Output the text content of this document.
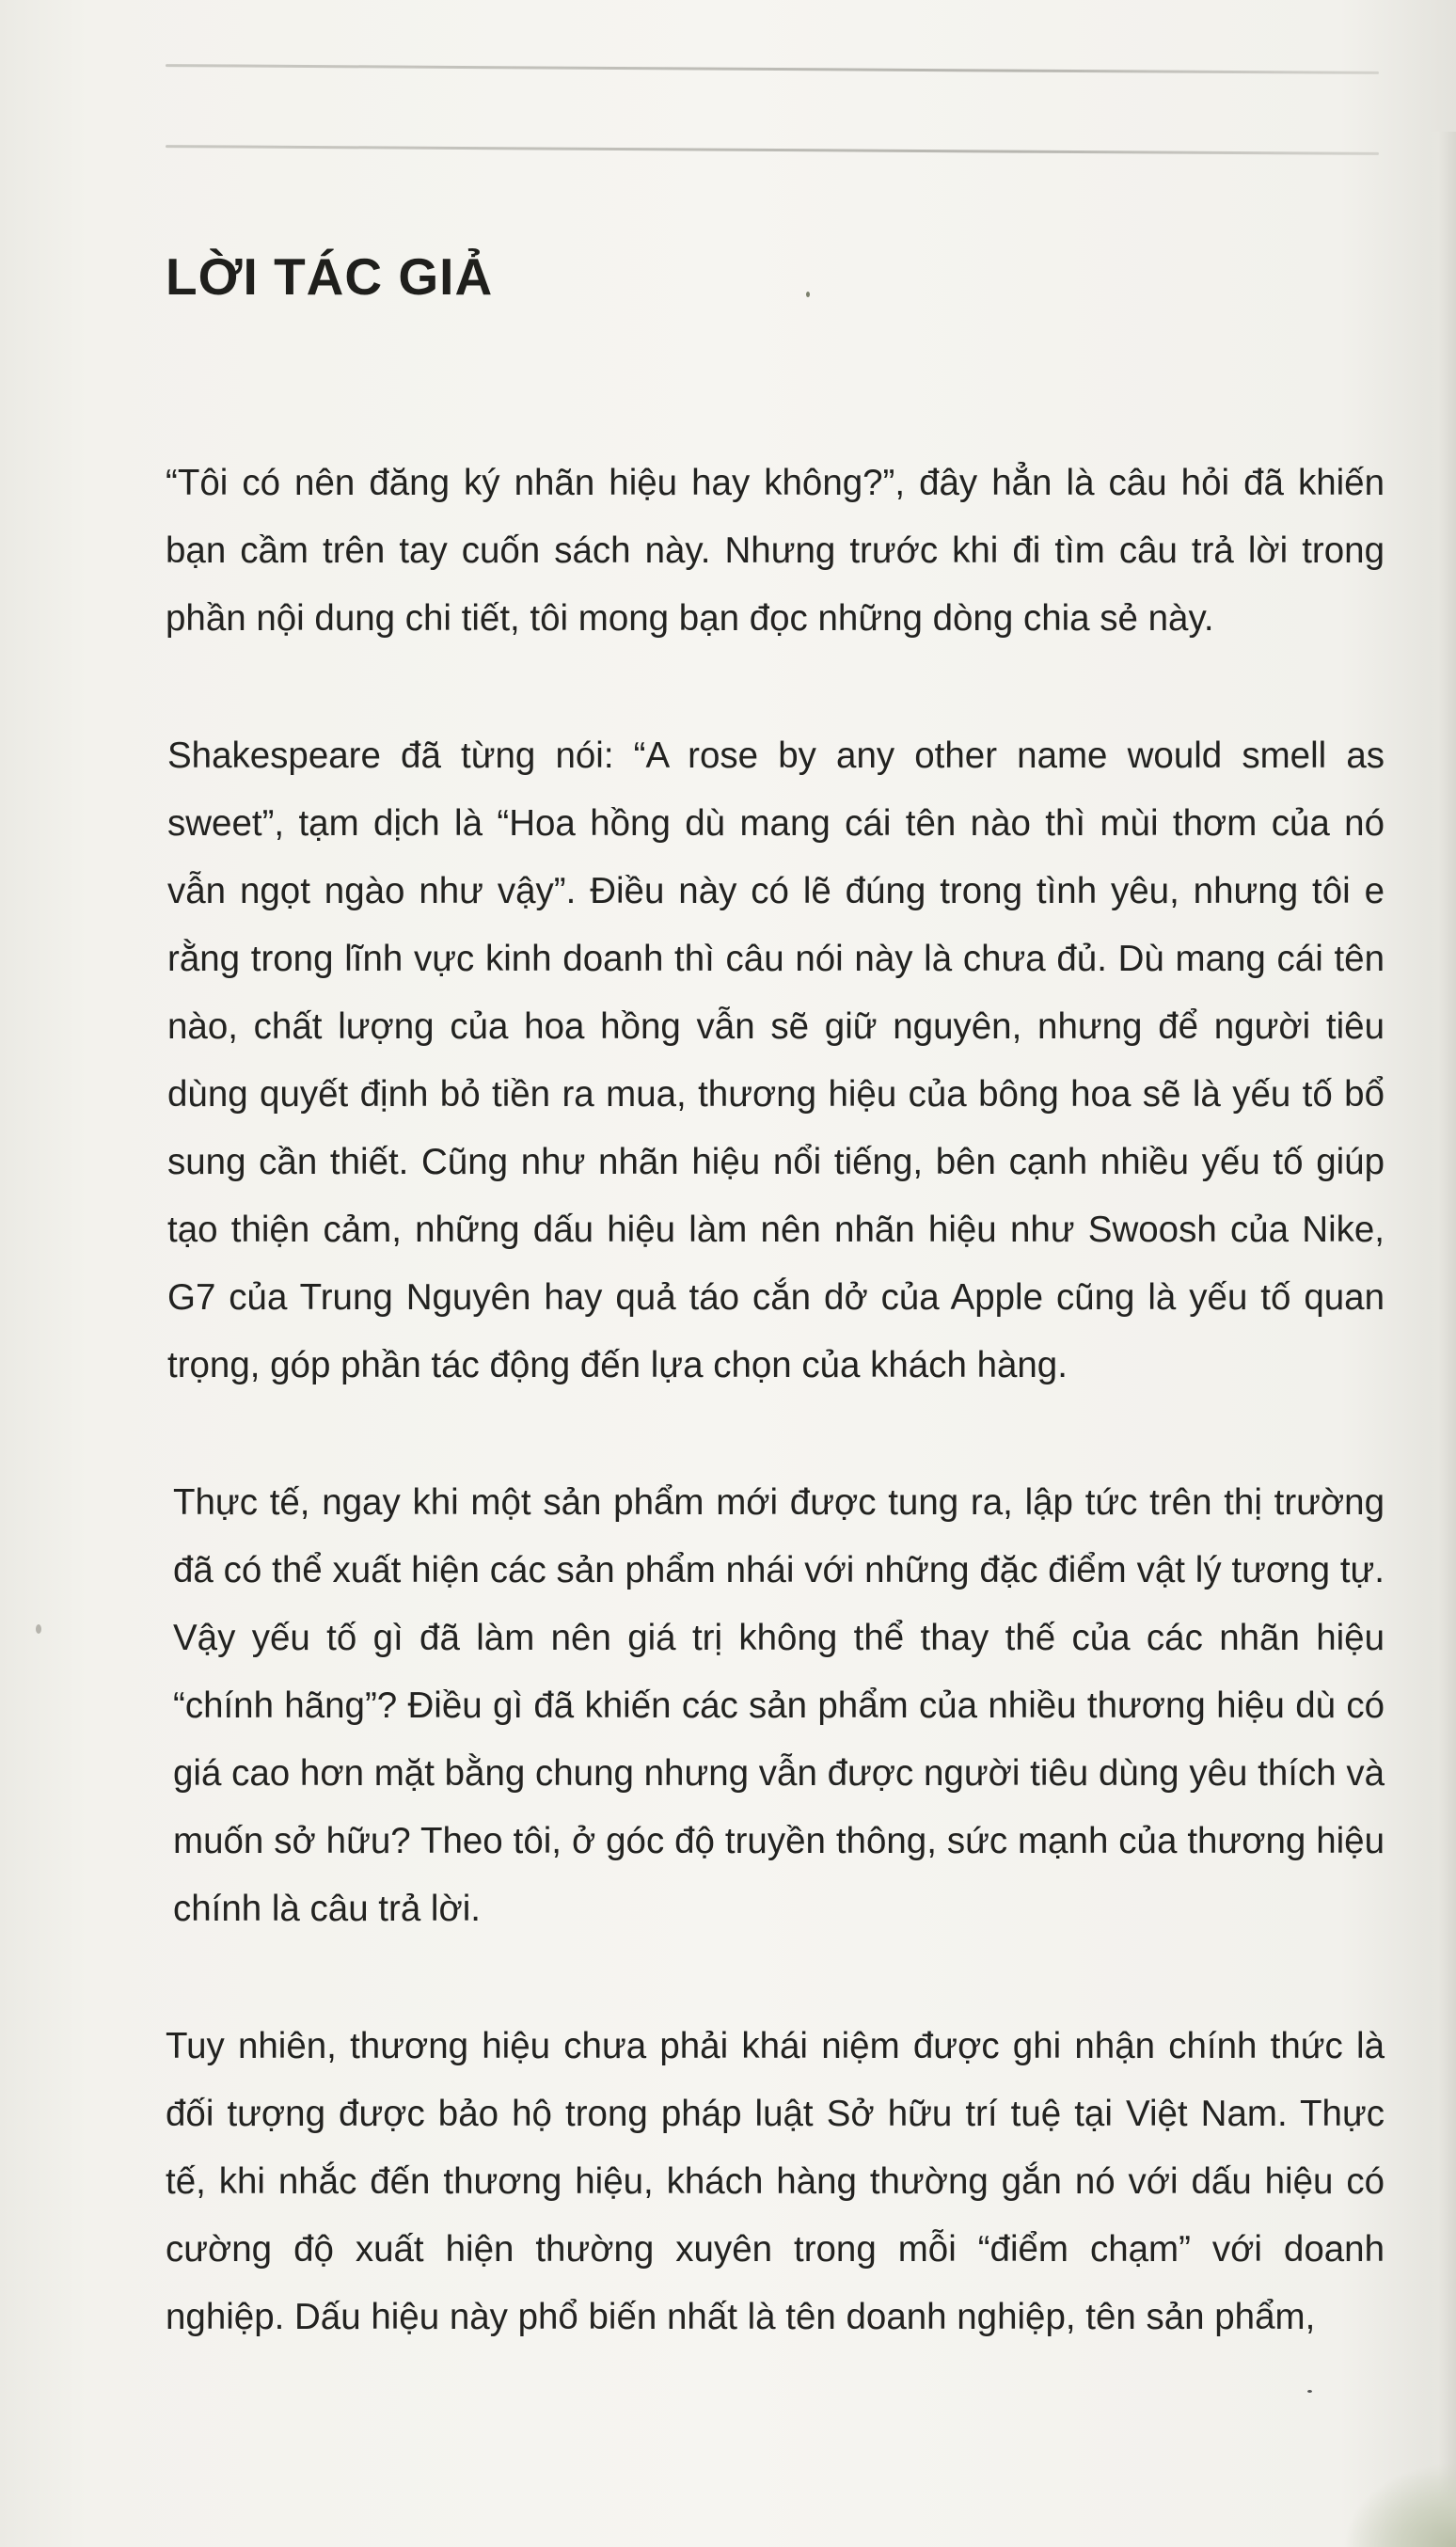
LỜI TÁC GIẢ

“Tôi có nên đăng ký nhãn hiệu hay không?”, đây hẳn là câu hỏi đã khiến bạn cầm trên tay cuốn sách này. Nhưng trước khi đi tìm câu trả lời trong phần nội dung chi tiết, tôi mong bạn đọc những dòng chia sẻ này.

Shakespeare đã từng nói: “A rose by any other name would smell as sweet”, tạm dịch là “Hoa hồng dù mang cái tên nào thì mùi thơm của nó vẫn ngọt ngào như vậy”. Điều này có lẽ đúng trong tình yêu, nhưng tôi e rằng trong lĩnh vực kinh doanh thì câu nói này là chưa đủ. Dù mang cái tên nào, chất lượng của hoa hồng vẫn sẽ giữ nguyên, nhưng để người tiêu dùng quyết định bỏ tiền ra mua, thương hiệu của bông hoa sẽ là yếu tố bổ sung cần thiết. Cũng như nhãn hiệu nổi tiếng, bên cạnh nhiều yếu tố giúp tạo thiện cảm, những dấu hiệu làm nên nhãn hiệu như Swoosh của Nike, G7 của Trung Nguyên hay quả táo cắn dở của Apple cũng là yếu tố quan trọng, góp phần tác động đến lựa chọn của khách hàng.

Thực tế, ngay khi một sản phẩm mới được tung ra, lập tức trên thị trường đã có thể xuất hiện các sản phẩm nhái với những đặc điểm vật lý tương tự. Vậy yếu tố gì đã làm nên giá trị không thể thay thế của các nhãn hiệu “chính hãng”? Điều gì đã khiến các sản phẩm của nhiều thương hiệu dù có giá cao hơn mặt bằng chung nhưng vẫn được người tiêu dùng yêu thích và muốn sở hữu? Theo tôi, ở góc độ truyền thông, sức mạnh của thương hiệu chính là câu trả lời.

Tuy nhiên, thương hiệu chưa phải khái niệm được ghi nhận chính thức là đối tượng được bảo hộ trong pháp luật Sở hữu trí tuệ tại Việt Nam. Thực tế, khi nhắc đến thương hiệu, khách hàng thường gắn nó với dấu hiệu có cường độ xuất hiện thường xuyên trong mỗi “điểm chạm” với doanh nghiệp. Dấu hiệu này phổ biến nhất là tên doanh nghiệp, tên sản phẩm,
